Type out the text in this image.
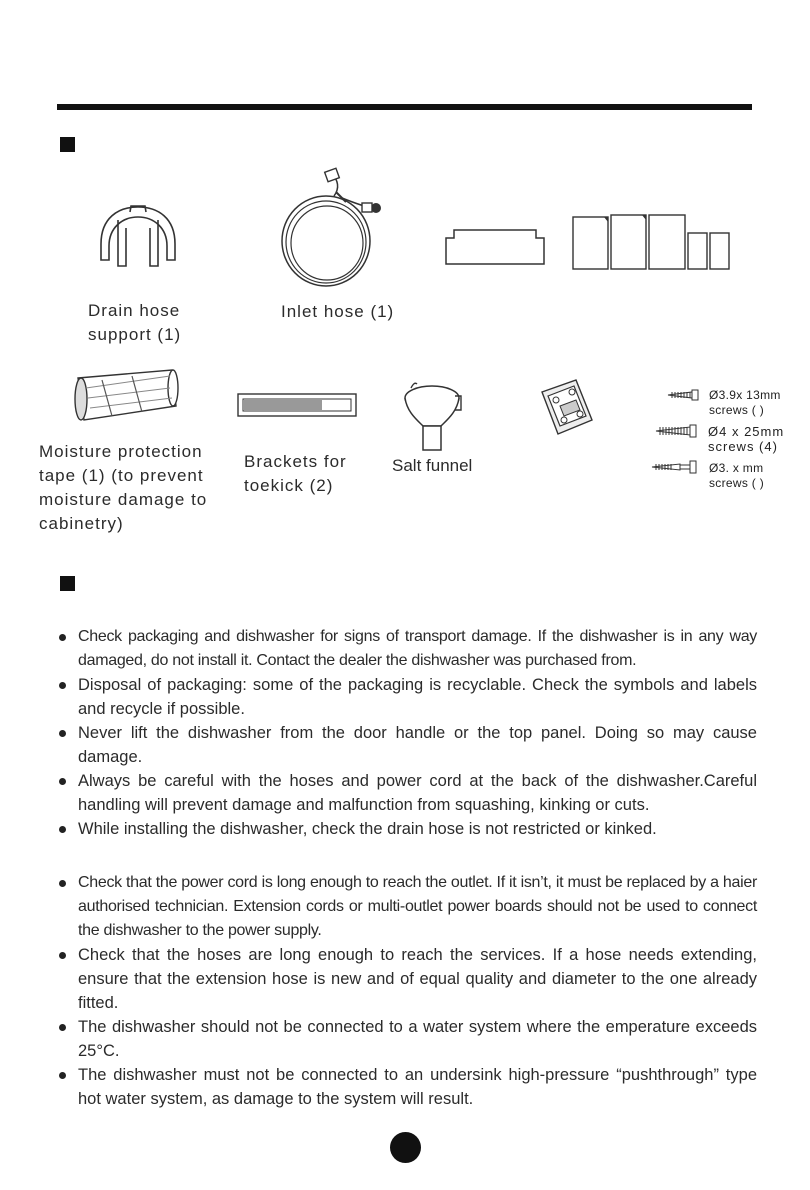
Drain hose
support (1)
Inlet hose (1)
Salt funnel
Moisture protection
tape (1) (to prevent
moisture damage to
cabinetry)
Brackets for
toekick (2)
Ø3.9x 13mm
screws ( )
Ø4 x 25mm
screws (4)
Ø3. x mm
screws ( )
Check packaging and dishwasher for signs of transport damage. If the dishwasher is in any way damaged, do not install it. Contact the dealer the dishwasher was purchased from.
Disposal of packaging: some of the packaging is recyclable. Check the symbols and labels and recycle if possible.
Never lift the dishwasher from the door handle or the top panel. Doing so may cause damage.
Always be careful with the hoses and power cord at the back of the dishwasher.Careful handling will prevent damage and malfunction from squashing, kinking or cuts.
While installing the dishwasher, check the drain hose is not restricted or kinked.
Check that the power cord is long enough to reach the outlet. If it isn’t, it must be replaced by a haier authorised technician. Extension cords or multi-outlet power boards should not be used to connect the dishwasher to the power supply.
Check that the hoses are long enough to reach the services. If a hose needs extending, ensure that the extension hose is new and of equal quality and diameter to the one already fitted.
The dishwasher should not be connected to a water system where the emperature exceeds 25°C.
The dishwasher must not be connected to an undersink high-pressure “pushthrough” type hot water system, as damage to the system will result.
